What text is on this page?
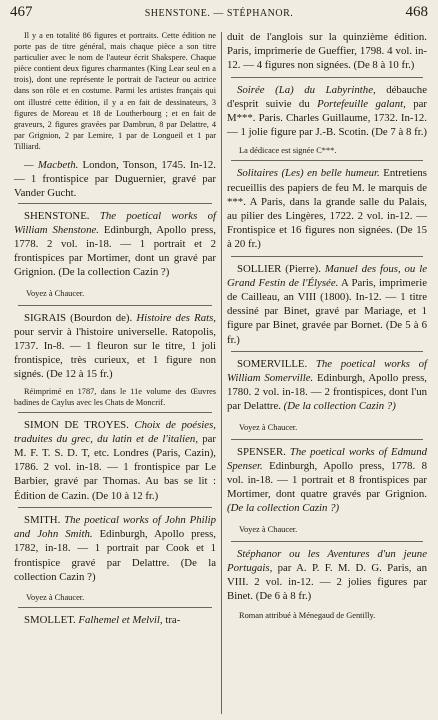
467	SHENSTONE. — STÉPHANOR.	468
Il y a en totalité 86 figures et portraits. Cette édition ne porte pas de titre général, mais chaque pièce a son titre particulier avec le nom de l'auteur écrit Shakspere. Chaque pièce contient deux figures charmantes (King Lear seul en a trois), dont une représente le portrait de l'acteur ou actrice dans son rôle et en costume. Parmi les artistes français qui ont illustré cette édition, il y a en fait de dessinateurs, 3 figures de Moreau et 18 de Loutherbourg ; et en fait de graveurs, 2 figures gravées par Dambrun, 8 par Delattre, 4 par Grignion, 2 par Lemire, 1 par de Longueil et 1 par Tilliard.
— Macbeth. London, Tonson, 1745. In-12. — 1 frontispice par Duguernier, gravé par Vander Gucht.
SHENSTONE. The poetical works of William Shenstone. Edinburgh, Apollo press, 1778. 2 vol. in-18. — 1 portrait et 2 frontispices par Mortimer, dont un gravé par Grignion. (De la collection Cazin ?)
Voyez à Chaucer.
SIGRAIS (Bourdon de). Histoire des Rats, pour servir à l'histoire universelle. Ratopolis, 1737. In-8. — 1 fleuron sur le titre, 1 joli frontispice, très curieux, et 1 figure non signés. (De 12 à 15 fr.)
Réimprimé en 1787, dans le 11e volume des Œuvres badines de Caylus avec les Chats de Moncrif.
SIMON DE TROYES. Choix de poésies, traduites du grec, du latin et de l'italien, par M. F. T. S. D. T, etc. Londres (Paris, Cazin), 1786. 2 vol. in-18. — 1 frontispice par Le Barbier, gravé par Thomas. Au bas se lit : Édition de Cazin. (De 10 à 12 fr.)
SMITH. The poetical works of John Philip and John Smith. Edinburgh, Apollo press, 1782, in-18. — 1 portrait par Cook et 1 frontispice gravé par Delattre. (De la collection Cazin ?)
Voyez à Chaucer.
SMOLLET. Falhemel et Melvil, tra-
duit de l'anglois sur la quinzième édition. Paris, imprimerie de Gueffier, 1798. 4 vol. in-12. — 4 figures non signées. (De 8 à 10 fr.)
Soirée (La) du Labyrinthe, débauche d'esprit suivie du Portefeuille galant, par M***. Paris. Charles Guillaume, 1732. In-12. — 1 jolie figure par J.-B. Scotin. (De 7 à 8 fr.)
La dédicace est signée C***.
Solitaires (Les) en belle humeur. Entretiens recueillis des papiers de feu M. le marquis de ***. A Paris, dans la grande salle du Palais, au pilier des Lingères, 1722. 2 vol. in-12. — Frontispice et 16 figures non signées. (De 15 à 20 fr.)
SOLLIER (Pierre). Manuel des fous, ou le Grand Festin de l'Élysée. A Paris, imprimerie de Cailleau, an VIII (1800). In-12. — 1 titre dessiné par Binet, gravé par Mariage, et 1 figure par Binet, gravée par Bornet. (De 5 à 6 fr.)
SOMERVILLE. The poetical works of William Somerville. Edinburgh, Apollo press, 1780. 2 vol. in-18. — 2 frontispices, dont l'un par Delattre. (De la collection Cazin ?)
Voyez à Chaucer.
SPENSER. The poetical works of Edmund Spenser. Edinburgh, Apollo press, 1778. 8 vol. in-18. — 1 portrait et 8 frontispices par Mortimer, dont quatre gravés par Grignion. (De la collection Cazin ?)
Voyez à Chaucer.
Stéphanor ou les Aventures d'un jeune Portugais, par A. P. F. M. D. G. Paris, an VIII. 2 vol. in-12. — 2 jolies figures par Binet. (De 6 à 8 fr.)
Roman attribué à Ménegaud de Gentilly.
